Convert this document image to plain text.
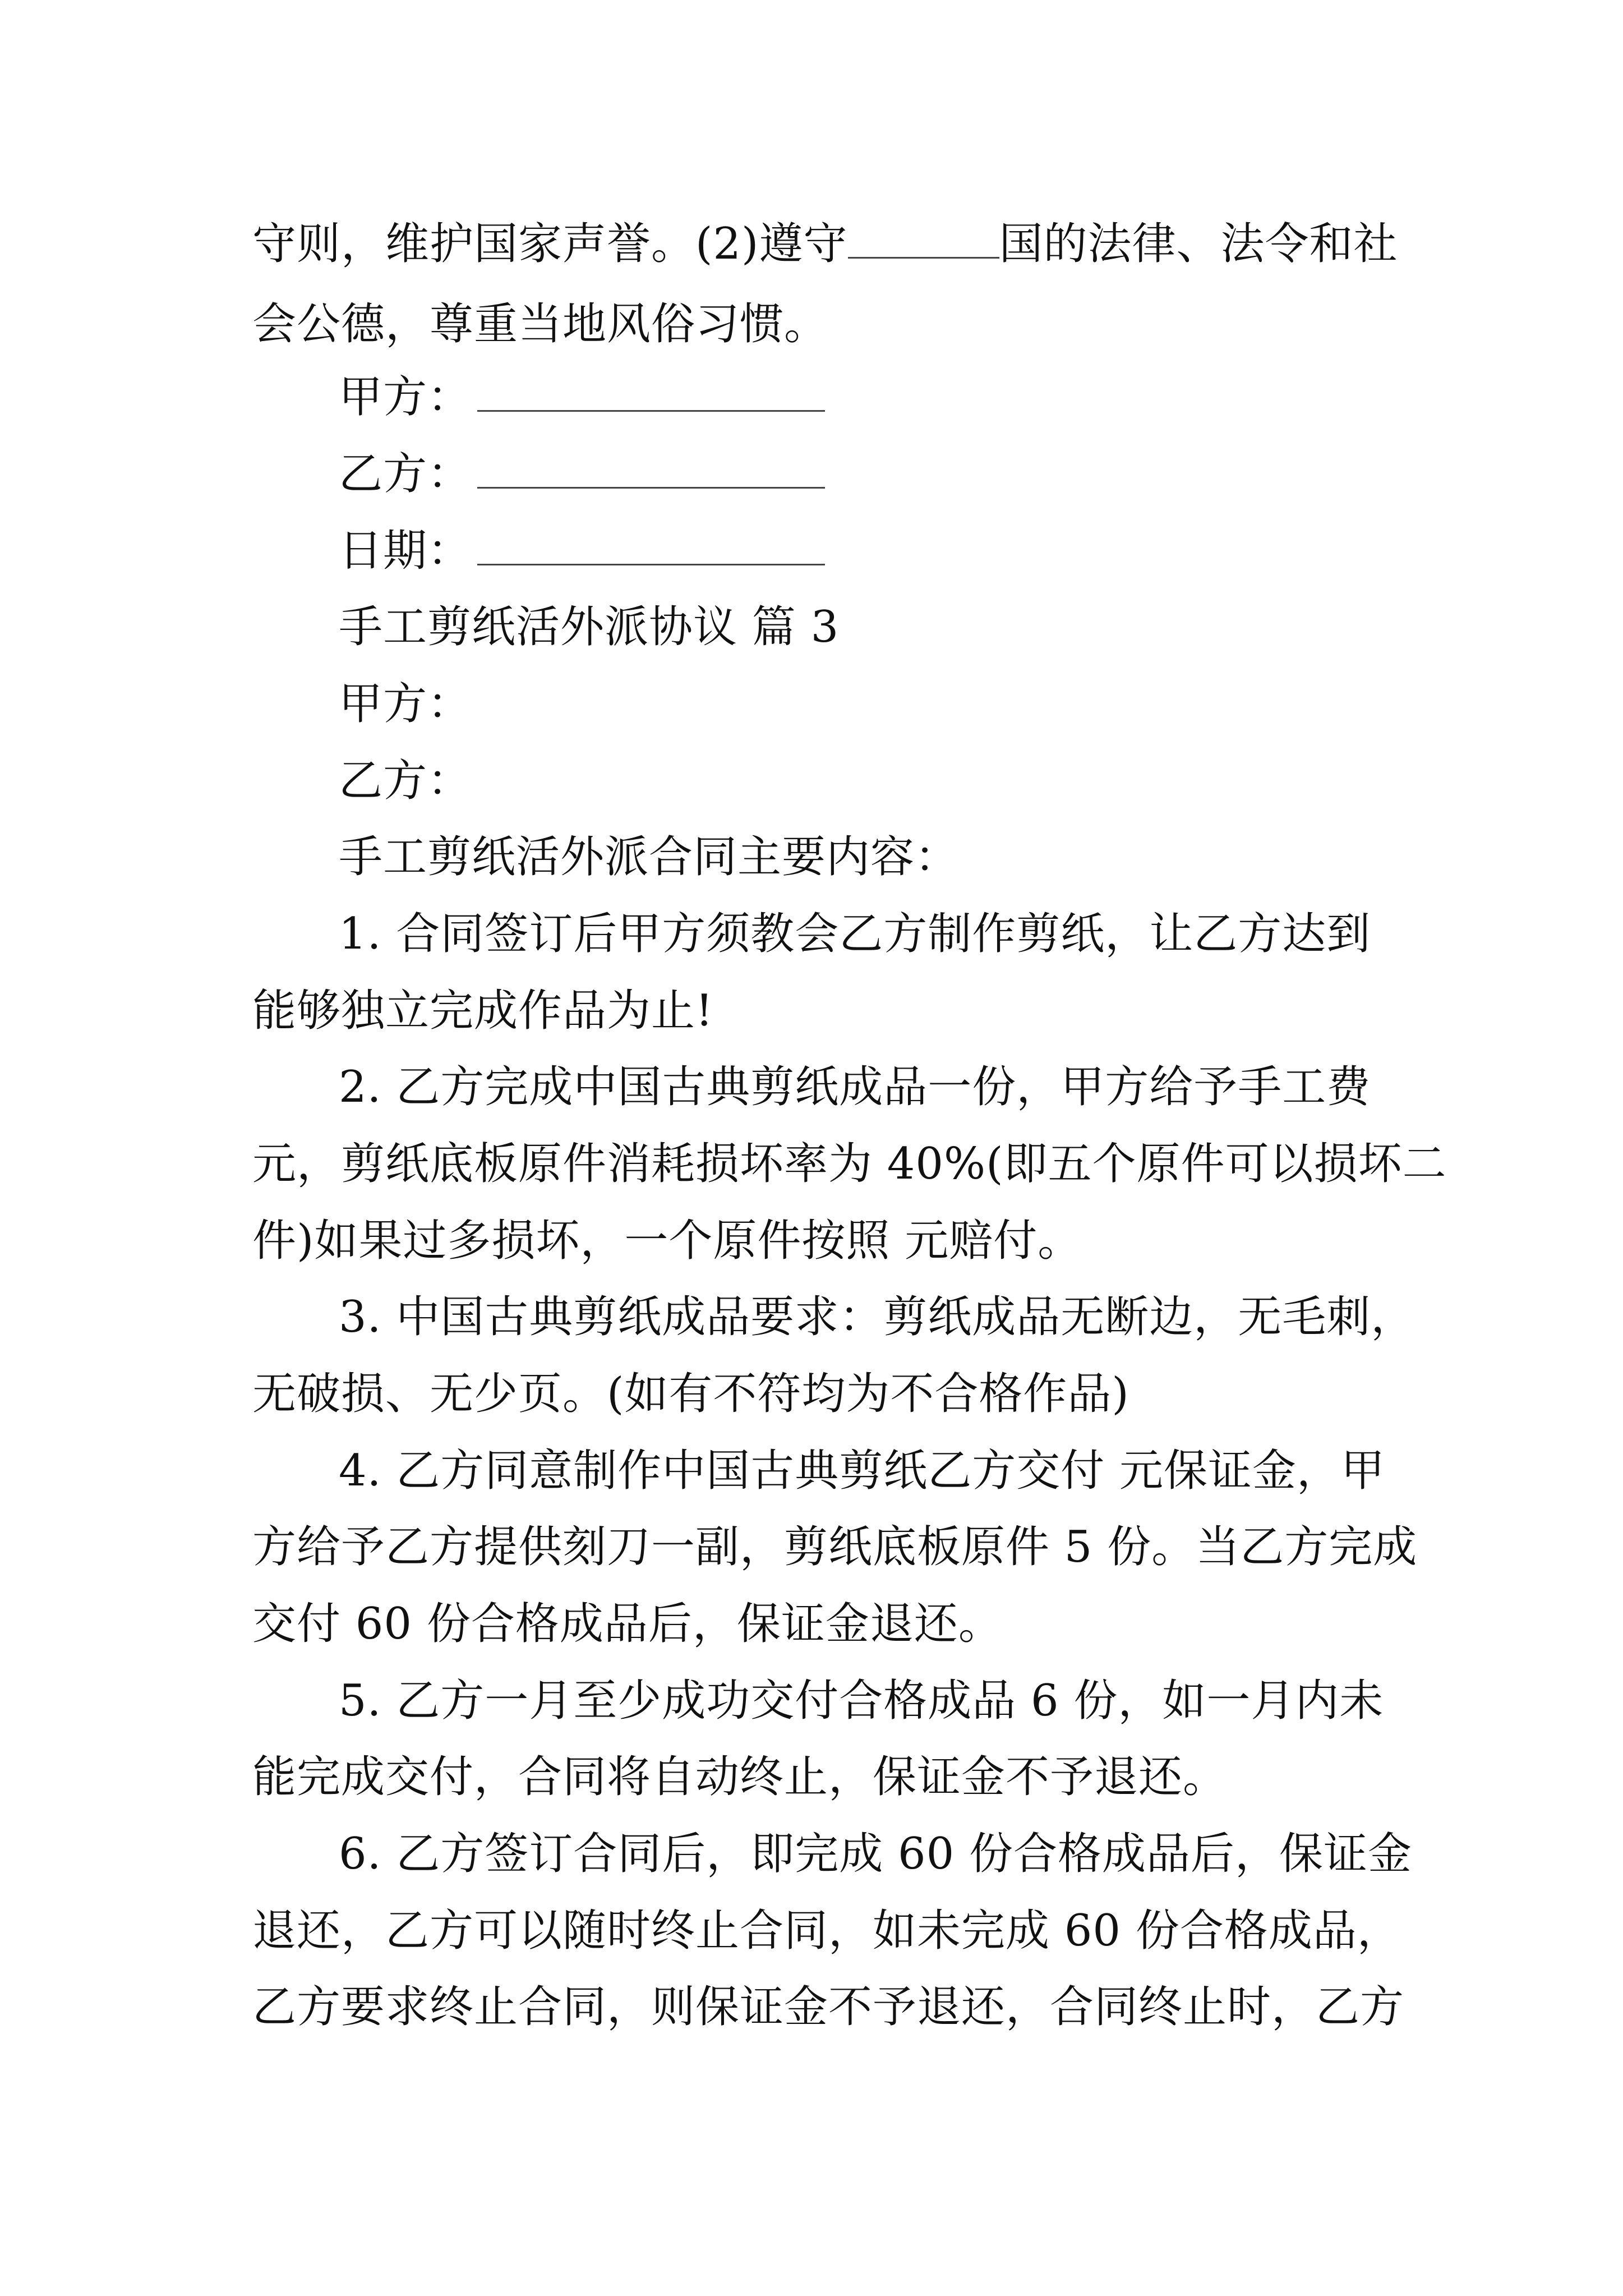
守则，维护国家声誉。(2)遵守	国的法律、法令和社

会公德，尊重当地风俗习惯。

甲方：

乙方：

日期：

手工剪纸活外派协议 篇 3

甲方：

乙方：

手工剪纸活外派合同主要内容：

1. 合同签订后甲方须教会乙方制作剪纸，让乙方达到

能够独立完成作品为止!

2. 乙方完成中国古典剪纸成品一份，甲方给予手工费

元，剪纸底板原件消耗损坏率为 40%(即五个原件可以损坏二

件)如果过多损坏，一个原件按照 元赔付。

3. 中国古典剪纸成品要求：剪纸成品无断边，无毛刺，

无破损、无少页。(如有不符均为不合格作品)

4. 乙方同意制作中国古典剪纸乙方交付 元保证金，甲

方给予乙方提供刻刀一副，剪纸底板原件 5 份。当乙方完成

交付 60 份合格成品后，保证金退还。

5. 乙方一月至少成功交付合格成品 6 份，如一月内未

能完成交付，合同将自动终止，保证金不予退还。

6. 乙方签订合同后，即完成 60 份合格成品后，保证金

退还，乙方可以随时终止合同，如未完成 60 份合格成品，

乙方要求终止合同，则保证金不予退还，合同终止时，乙方
